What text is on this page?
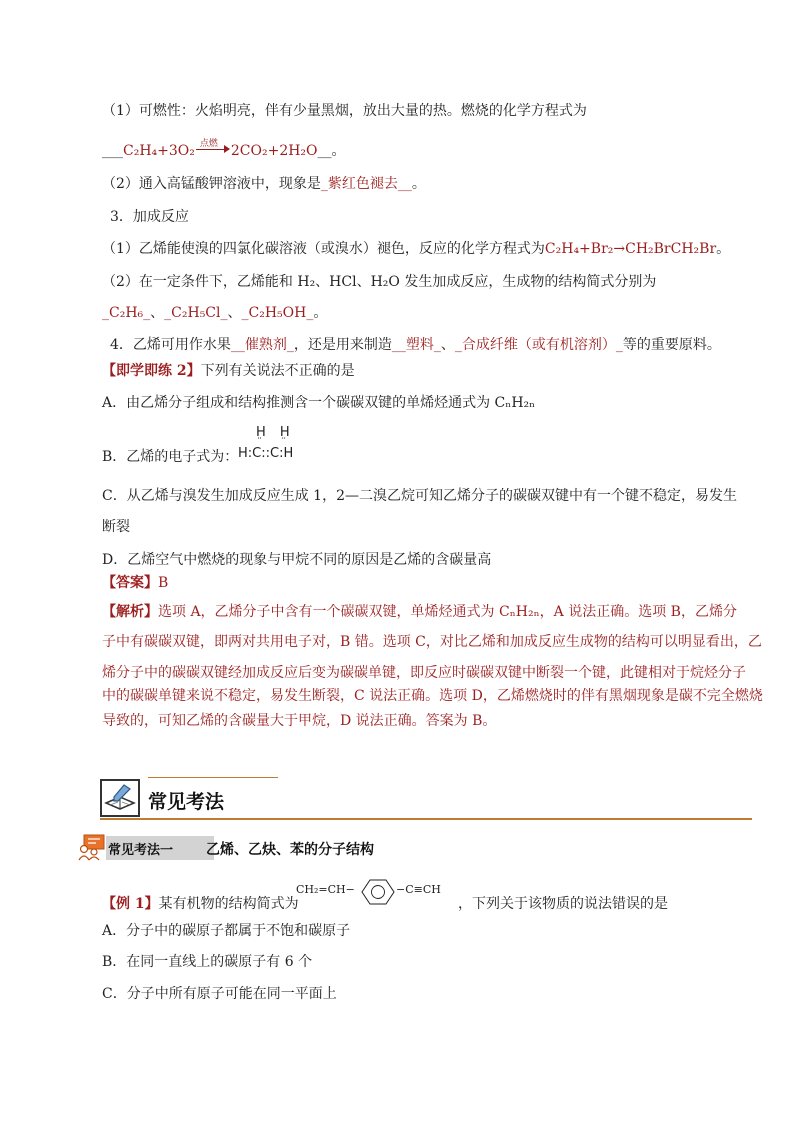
（1）可燃性：火焰明亮，伴有少量黑烟，放出大量的热。燃烧的化学方程式为
___C₂H₄+3O₂ 点燃 2CO₂+2H₂O__。
（2）通入高锰酸钾溶液中，现象是_紫红色褪去__。
3．加成反应
（1）乙烯能使溴的四氯化碳溶液（或溴水）褪色，反应的化学方程式为C₂H₄+Br₂→CH₂BrCH₂Br。
（2）在一定条件下，乙烯能和 H₂、HCl、H₂O 发生加成反应，生成物的结构简式分别为
_C₂H₆_、_C₂H₅Cl_、_C₂H₅OH_。
4．乙烯可用作水果__催熟剂_，还是用来制造__塑料_、_合成纤维（或有机溶剂）_等的重要原料。
【即学即练 2】下列有关说法不正确的是
A．由乙烯分子组成和结构推测含一个碳碳双键的单烯烃通式为 CₙH₂ₙ
B．乙烯的电子式为：
H H
¨ ¨
H:C::C:H
C．从乙烯与溴发生加成反应生成 1，2—二溴乙烷可知乙烯分子的碳碳双键中有一个键不稳定，易发生
断裂
D．乙烯空气中燃烧的现象与甲烷不同的原因是乙烯的含碳量高
【答案】B
【解析】选项 A，乙烯分子中含有一个碳碳双键，单烯烃通式为 CₙH₂ₙ，A 说法正确。选项 B，乙烯分
子中有碳碳双键，即两对共用电子对，B 错。选项 C，对比乙烯和加成反应生成物的结构可以明显看出，乙
烯分子中的碳碳双键经加成反应后变为碳碳单键，即反应时碳碳双键中断裂一个键，此键相对于烷烃分子
中的碳碳单键来说不稳定，易发生断裂，C 说法正确。选项 D，乙烯燃烧时的伴有黑烟现象是碳不完全燃烧
导致的，可知乙烯的含碳量大于甲烷，D 说法正确。答案为 B。
常见考法
常见考法一 乙烯、乙炔、苯的分子结构
【例 1】某有机物的结构简式为
CH₂=CH−	−C≡CH
，下列关于该物质的说法错误的是
A．分子中的碳原子都属于不饱和碳原子
B．在同一直线上的碳原子有 6 个
C．分子中所有原子可能在同一平面上
